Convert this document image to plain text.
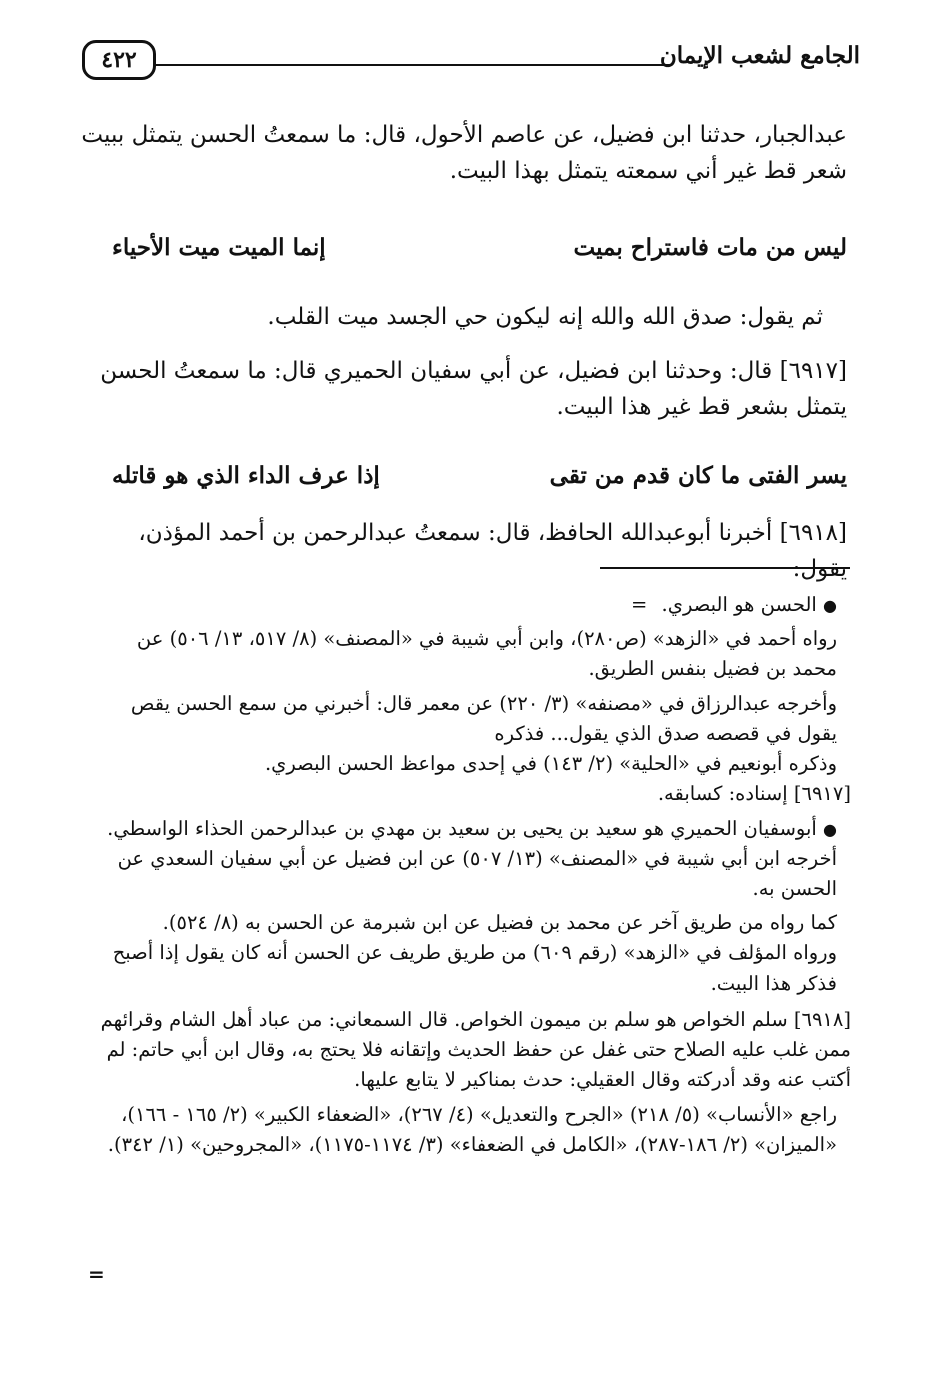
٤٢٢	الجامع لشعب الإيمان

عبدالجبار، حدثنا ابن فضيل، عن عاصم الأحول، قال: ما سمعتُ الحسن يتمثل ببيت شعر قط غير أني سمعته يتمثل بهذا البيت.

ليس من مات فاستراح بميت
إنما الميت ميت الأحياء

ثم يقول: صدق الله والله إنه ليكون حي الجسد ميت القلب.

[٦٩١٧] قال: وحدثنا ابن فضيل، عن أبي سفيان الحميري قال: ما سمعتُ الحسن يتمثل بشعر قط غير هذا البيت.

يسر الفتى ما كان قدم من تقى
إذا عرف الداء الذي هو قاتله

[٦٩١٨] أخبرنا أبوعبدالله الحافظ، قال: سمعتُ عبدالرحمن بن أحمد المؤذن، يقول:

● الحسن هو البصري. =

رواه أحمد في «الزهد» (ص٢٨٠)، وابن أبي شيبة في «المصنف» (٨/ ٥١٧، ١٣/ ٥٠٦) عن محمد بن فضيل بنفس الطريق.

وأخرجه عبدالرزاق في «مصنفه» (٣/ ٢٢٠) عن معمر قال: أخبرني من سمع الحسن يقص يقول في قصصه صدق الذي يقول... فذكره

وذكره أبونعيم في «الحلية» (٢/ ١٤٣) في إحدى مواعظ الحسن البصري.

[٦٩١٧] إسناده: كسابقه.

● أبوسفيان الحميري هو سعيد بن يحيى بن سعيد بن مهدي بن عبدالرحمن الحذاء الواسطي.

أخرجه ابن أبي شيبة في «المصنف» (١٣/ ٥٠٧) عن ابن فضيل عن أبي سفيان السعدي عن الحسن به.

كما رواه من طريق آخر عن محمد بن فضيل عن ابن شبرمة عن الحسن به (٨/ ٥٢٤).

ورواه المؤلف في «الزهد» (رقم ٦٠٩) من طريق طريف عن الحسن أنه كان يقول إذا أصبح فذكر هذا البيت.

[٦٩١٨] سلم الخواص هو سلم بن ميمون الخواص. قال السمعاني: من عباد أهل الشام وقرائهم ممن غلب عليه الصلاح حتى غفل عن حفظ الحديث وإتقانه فلا يحتج به، وقال ابن أبي حاتم: لم أكتب عنه وقد أدركته وقال العقيلي: حدث بمناكير لا يتابع عليها.

راجع «الأنساب» (٥/ ٢١٨) «الجرح والتعديل» (٤/ ٢٦٧)، «الضعفاء الكبير» (٢/ ١٦٥ - ١٦٦)، «الميزان» (٢/ ١٨٦-٢٨٧)، «الكامل في الضعفاء» (٣/ ١١٧٤-١١٧٥)، «المجروحين» (١/ ٣٤٢).

=
